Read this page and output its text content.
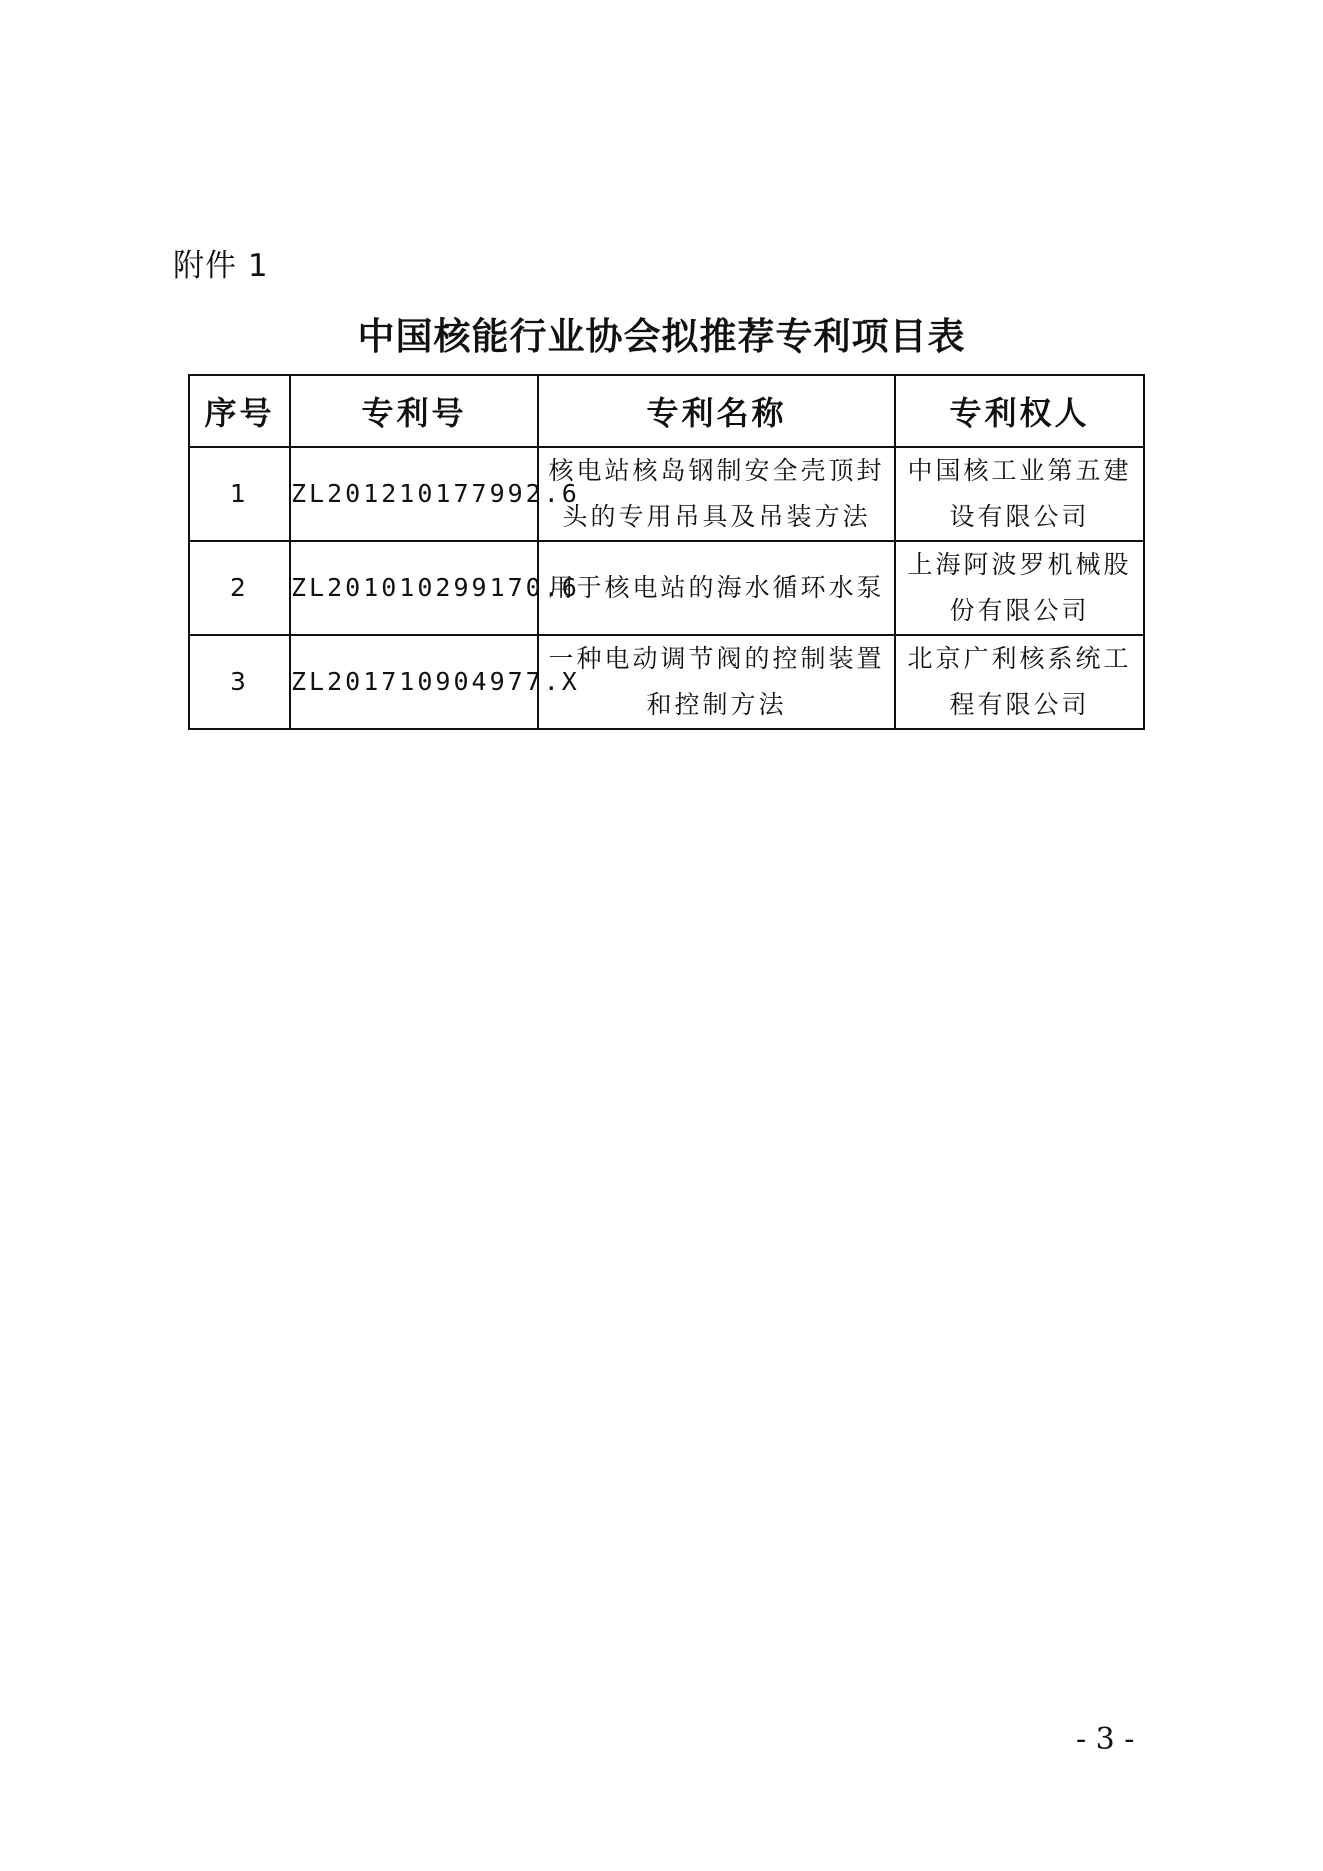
附件 1
中国核能行业协会拟推荐专利项目表
序号	专利号	专利名称	专利权人
1	ZL201210177992.6	核电站核岛钢制安全壳顶封头的专用吊具及吊装方法	中国核工业第五建设有限公司
2	ZL201010299170.6	用于核电站的海水循环水泵	上海阿波罗机械股份有限公司
3	ZL201710904977.X	一种电动调节阀的控制装置和控制方法	北京广利核系统工程有限公司
- 3 -
